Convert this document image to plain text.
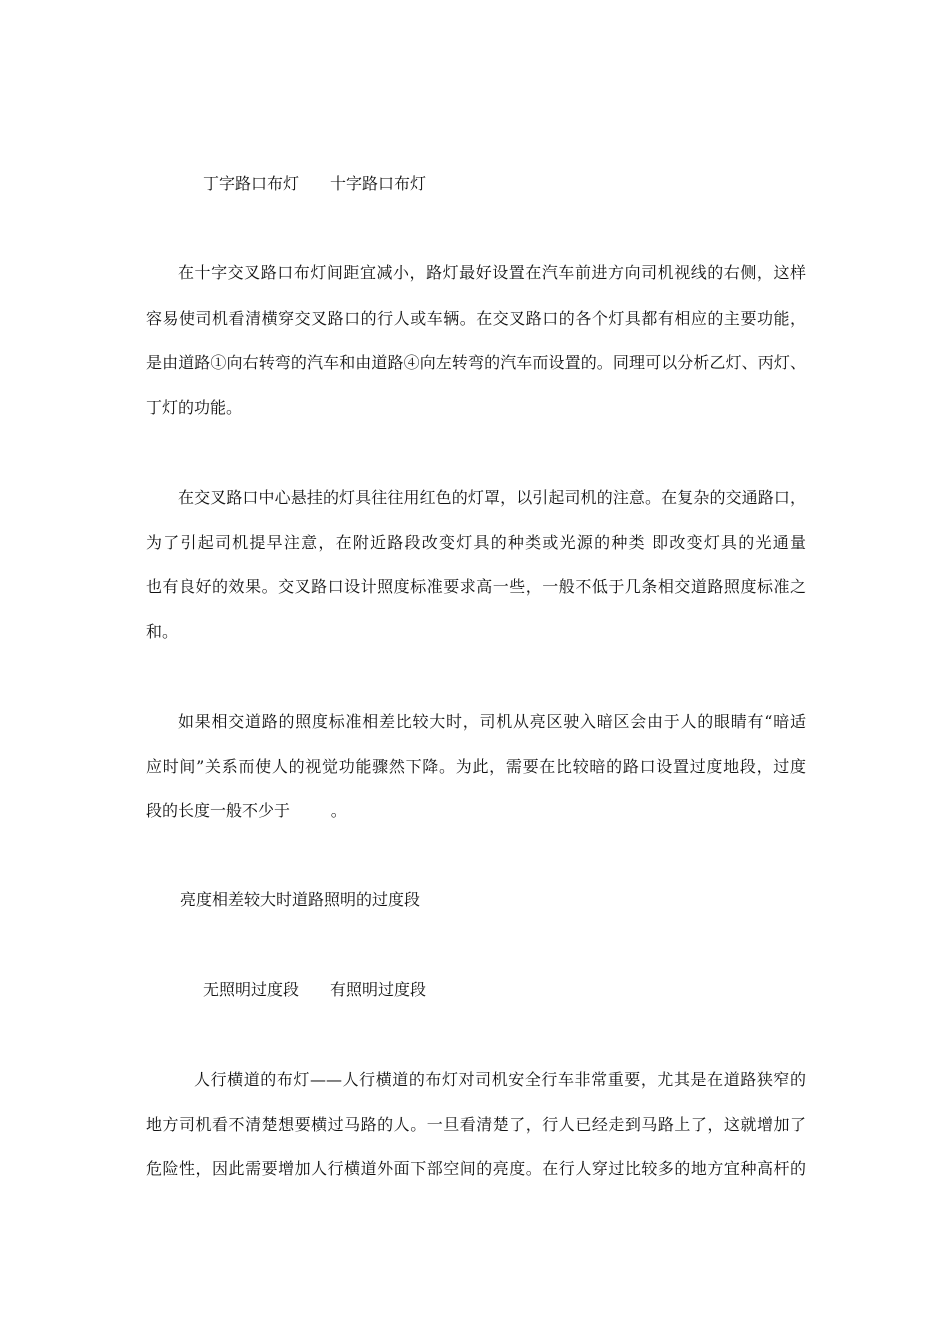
丁字路口布灯 十字路口布灯
在十字交叉路口布灯间距宜减小，路灯最好设置在汽车前进方向司机视线的右侧，这样
容易使司机看清横穿交叉路口的行人或车辆。在交叉路口的各个灯具都有相应的主要功能，
是由道路①向右转弯的汽车和由道路④向左转弯的汽车而设置的。同理可以分析乙灯、丙灯、
丁灯的功能。
在交叉路口中心悬挂的灯具往往用红色的灯罩，以引起司机的注意。在复杂的交通路口，
为了引起司机提早注意，在附近路段改变灯具的种类或光源的种类 即改变灯具的光通量
也有良好的效果。交叉路口设计照度标准要求高一些，一般不低于几条相交道路照度标准之
和。
如果相交道路的照度标准相差比较大时，司机从亮区驶入暗区会由于人的眼睛有“暗适
应时间”关系而使人的视觉功能骤然下降。为此，需要在比较暗的路口设置过度地段，过度
段的长度一般不少于        。
亮度相差较大时道路照明的过度段
无照明过度段 有照明过度段
人行横道的布灯——人行横道的布灯对司机安全行车非常重要，尤其是在道路狭窄的
地方司机看不清楚想要横过马路的人。一旦看清楚了，行人已经走到马路上了，这就增加了
危险性，因此需要增加人行横道外面下部空间的亮度。在行人穿过比较多的地方宜种高杆的
